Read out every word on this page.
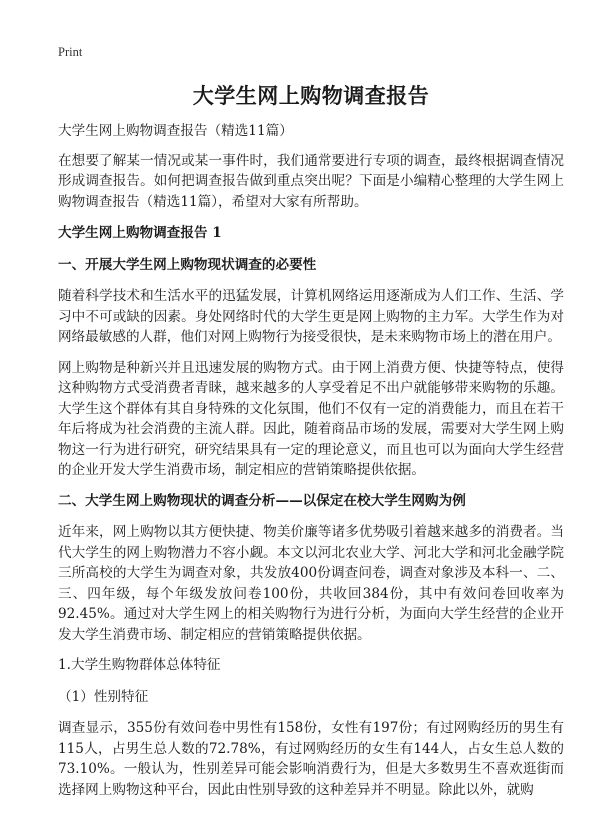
Print
大学生网上购物调查报告

大学生网上购物调查报告（精选11篇）

在想要了解某一情况或某一事件时，我们通常要进行专项的调查，最终根据调查情况形成调查报告。如何把调查报告做到重点突出呢？下面是小编精心整理的大学生网上购物调查报告（精选11篇），希望对大家有所帮助。

大学生网上购物调查报告 1

一、开展大学生网上购物现状调查的必要性

随着科学技术和生活水平的迅猛发展，计算机网络运用逐渐成为人们工作、生活、学习中不可或缺的因素。身处网络时代的大学生更是网上购物的主力军。大学生作为对网络最敏感的人群，他们对网上购物行为接受很快，是未来购物市场上的潜在用户。

网上购物是种新兴并且迅速发展的购物方式。由于网上消费方便、快捷等特点，使得这种购物方式受消费者青睐，越来越多的人享受着足不出户就能够带来购物的乐趣。大学生这个群体有其自身特殊的文化氛围，他们不仅有一定的消费能力，而且在若干年后将成为社会消费的主流人群。因此，随着商品市场的发展，需要对大学生网上购物这一行为进行研究，研究结果具有一定的理论意义，而且也可以为面向大学生经营的企业开发大学生消费市场，制定相应的营销策略提供依据。

二、大学生网上购物现状的调查分析——以保定在校大学生网购为例

近年来，网上购物以其方便快捷、物美价廉等诸多优势吸引着越来越多的消费者。当代大学生的网上购物潜力不容小觑。本文以河北农业大学、河北大学和河北金融学院三所高校的大学生为调查对象，共发放400份调查问卷，调查对象涉及本科一、二、三、四年级，每个年级发放问卷100份，共收回384份，其中有效问卷回收率为92.45%。通过对大学生网上的相关购物行为进行分析，为面向大学生经营的企业开发大学生消费市场、制定相应的营销策略提供依据。

1.大学生购物群体总体特征

（1）性别特征

调查显示，355份有效问卷中男性有158份，女性有197份；有过网购经历的男生有115人，占男生总人数的72.78%，有过网购经历的女生有144人，占女生总人数的73.10%。一般认为，性别差异可能会影响消费行为，但是大多数男生不喜欢逛街而选择网上购物这种平台，因此由性别导致的这种差异并不明显。除此以外，就购
